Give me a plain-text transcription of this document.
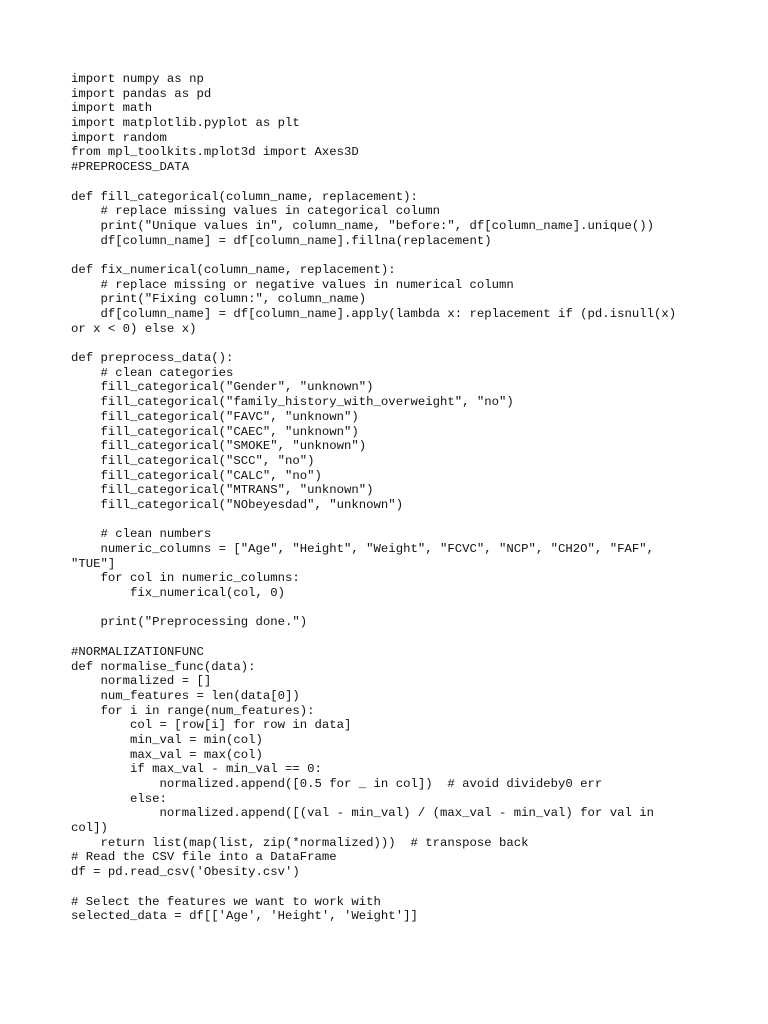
import numpy as np
import pandas as pd
import math
import matplotlib.pyplot as plt
import random
from mpl_toolkits.mplot3d import Axes3D
#PREPROCESS_DATA
def fill_categorical(column_name, replacement):
# replace missing values in categorical column
print("Unique values in", column_name, "before:", df[column_name].unique())
df[column_name] = df[column_name].fillna(replacement)
def fix_numerical(column_name, replacement):
# replace missing or negative values in numerical column
print("Fixing column:", column_name)
df[column_name] = df[column_name].apply(lambda x: replacement if (pd.isnull(x)
or x < 0) else x)
def preprocess_data():
# clean categories
fill_categorical("Gender", "unknown")
fill_categorical("family_history_with_overweight", "no")
fill_categorical("FAVC", "unknown")
fill_categorical("CAEC", "unknown")
fill_categorical("SMOKE", "unknown")
fill_categorical("SCC", "no")
fill_categorical("CALC", "no")
fill_categorical("MTRANS", "unknown")
fill_categorical("NObeyesdad", "unknown")
# clean numbers
numeric_columns = ["Age", "Height", "Weight", "FCVC", "NCP", "CH2O", "FAF",
"TUE"]
for col in numeric_columns:
fix_numerical(col, 0)
print("Preprocessing done.")
#NORMALIZATIONFUNC
def normalise_func(data):
normalized = []
num_features = len(data[0])
for i in range(num_features):
col = [row[i] for row in data]
min_val = min(col)
max_val = max(col)
if max_val - min_val == 0:
normalized.append([0.5 for _ in col])  # avoid divideby0 err
else:
normalized.append([(val - min_val) / (max_val - min_val) for val in
col])
return list(map(list, zip(*normalized)))  # transpose back
# Read the CSV file into a DataFrame
df = pd.read_csv('Obesity.csv')
# Select the features we want to work with
selected_data = df[['Age', 'Height', 'Weight']]
